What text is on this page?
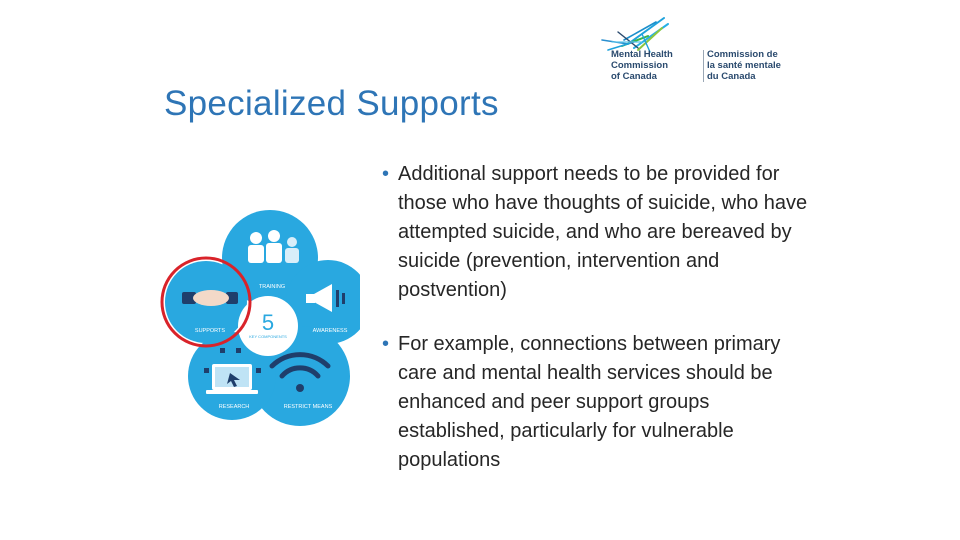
Mental Health
Commission
of Canada
Commission de
la santé mentale
du Canada
Specialized Supports
TRAINING
AWARENESS
RESTRICT MEANS
RESEARCH
SUPPORTS 5
KEY COMPONENTS

• Additional support needs to be provided for those who have thoughts of suicide, who have attempted suicide, and who are bereaved by suicide (prevention, intervention and postvention)

• For example, connections between primary care and mental health services should be enhanced and peer support groups established, particularly for vulnerable populations
